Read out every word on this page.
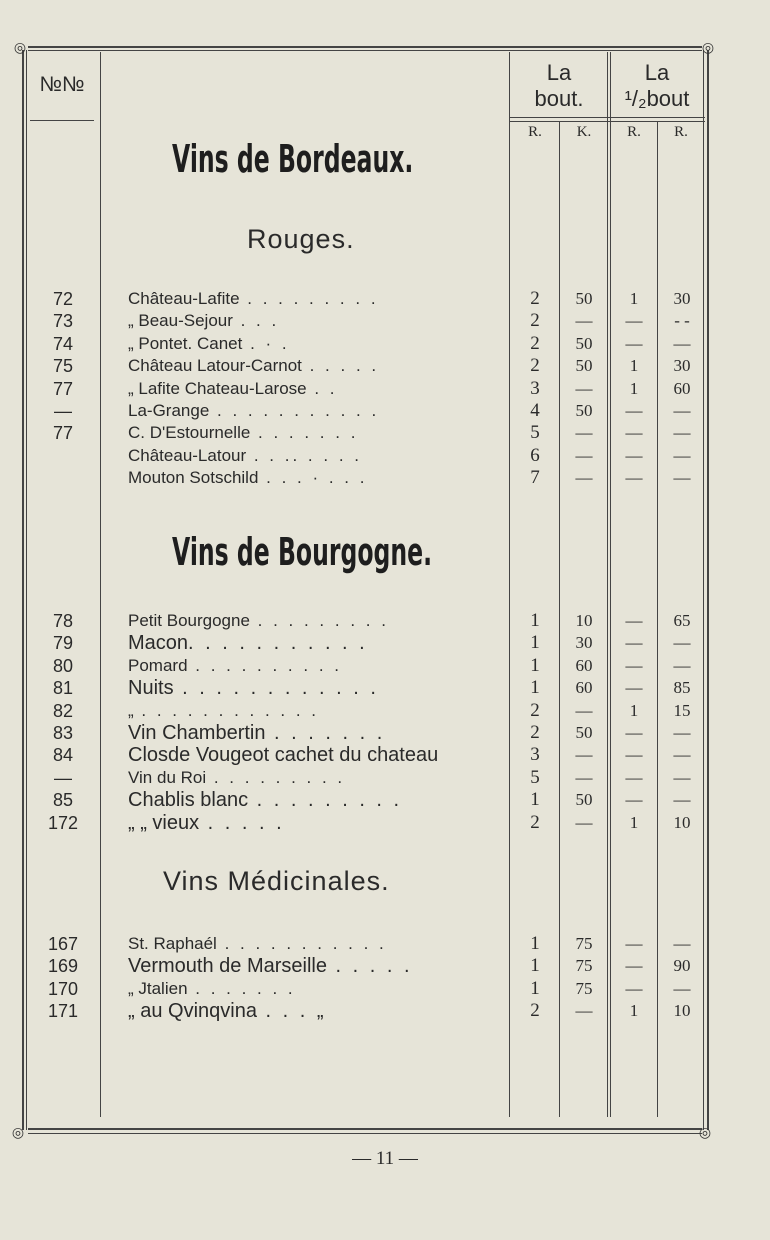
◎	◎
◎	◎
№№	La
bout.
La
¹/₂bout
R.	K.	R.	R.
Vins de Bordeaux.
Rouges.
72	Château-Lafite . . . . . . . . .	2	50	1	30
73	„ Beau-Sejour . . .	2	—	—	- -
74	„ Pontet. Canet . · .	2	50	—	—
75	Château Latour-Carnot . . . . .	2	50	1	30
77	„ Lafite Chateau-Larose . .	3	—	1	60
—	La-Grange . . . . . . . . . . .	4	50	—	—
77	C. D'Estournelle . . . . . . .	5	—	—	—
Château-Latour . . .. . . . .	6	—	—	—
Mouton Sotschild . . . · . . .	7	—	—	—
Vins de Bourgogne.
78	Petit Bourgogne . . . . . . . . .	1	10	—	65
79	Macon. . . . . . . . . . .	1	30	—	—
80	Pomard . . . . . . . . . .	1	60	—	—
81	Nuits . . . . . . . . . . . .	1	60	—	85
82	„ . . . . . . . . . . . .	2	—	1	15
83	Vin Chambertin . . . . . . .	2	50	—	—
84	Closde Vougeot cachet du chateau	3	—	—	—
—	Vin du Roi . . . . . . . . .	5	—	—	—
85	Chablis blanc . . . . . . . . .	1	50	—	—
172	„ „ vieux . . . . .	2	—	1	10
Vins Médicinales.
167	St. Raphaél . . . . . . . . . . .	1	75	—	—
169	Vermouth de Marseille . . . . .	1	75	—	90
170	„ Jtalien . . . . . . .	1	75	—	—
171	„ au Qvinqvina . . . „	2	—	1	10
— 11 —
